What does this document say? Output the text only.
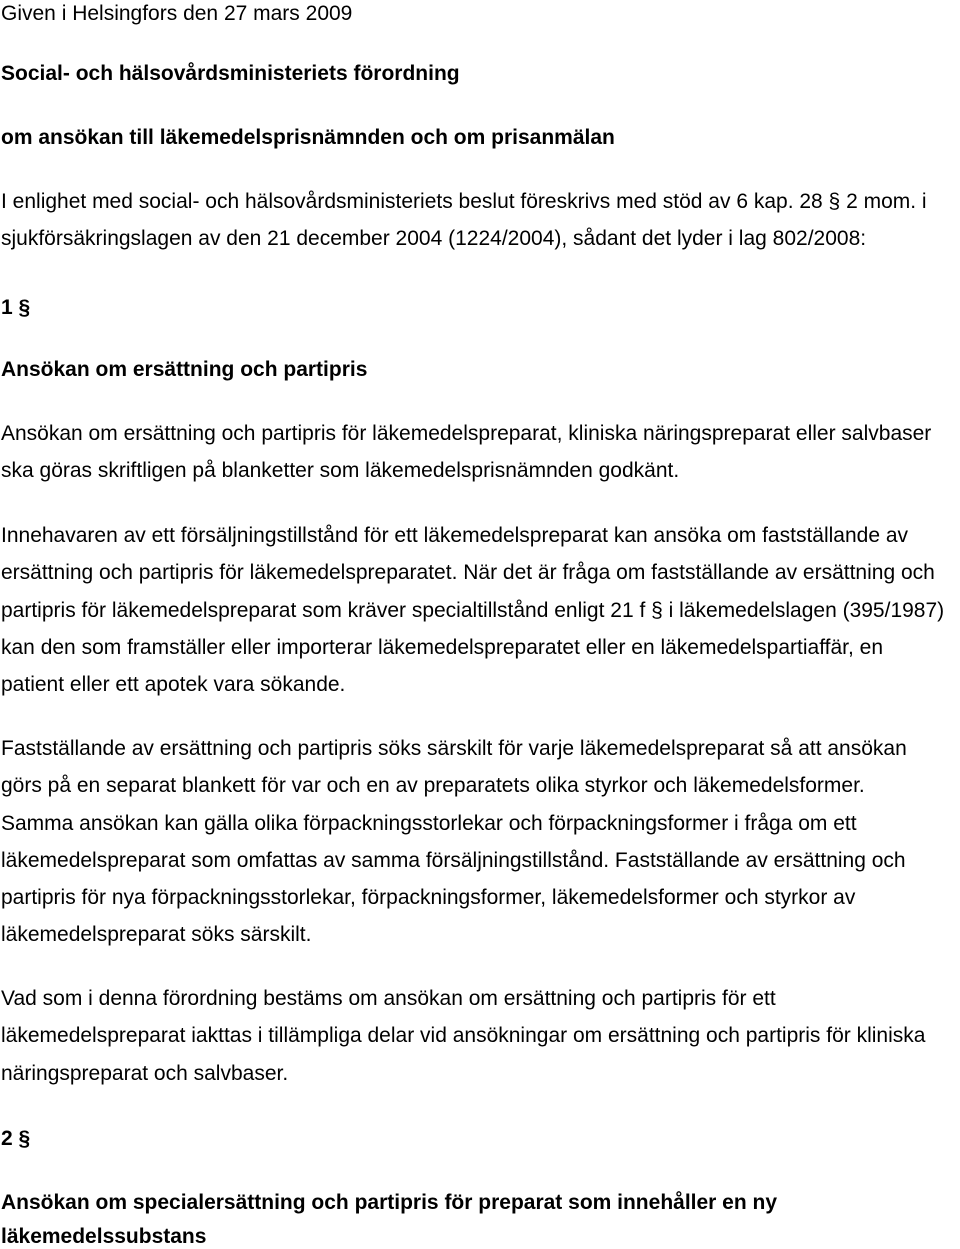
Given i Helsingfors den 27 mars 2009
Social- och hälsovårdsministeriets förordning
om ansökan till läkemedelsprisnämnden och om prisanmälan
I enlighet med social- och hälsovårdsministeriets beslut föreskrivs med stöd av 6 kap. 28 § 2 mom. i
sjukförsäkringslagen av den 21 december 2004 (1224/2004), sådant det lyder i lag 802/2008:
1 §
Ansökan om ersättning och partipris
Ansökan om ersättning och partipris för läkemedelspreparat, kliniska näringspreparat eller salvbaser
ska göras skriftligen på blanketter som läkemedelsprisnämnden godkänt.
Innehavaren av ett försäljningstillstånd för ett läkemedelspreparat kan ansöka om fastställande av
ersättning och partipris för läkemedelspreparatet. När det är fråga om fastställande av ersättning och
partipris för läkemedelspreparat som kräver specialtillstånd enligt 21 f § i läkemedelslagen (395/1987)
kan den som framställer eller importerar läkemedelspreparatet eller en läkemedelspartiaffär, en
patient eller ett apotek vara sökande.
Fastställande av ersättning och partipris söks särskilt för varje läkemedelspreparat så att ansökan
görs på en separat blankett för var och en av preparatets olika styrkor och läkemedelsformer.
Samma ansökan kan gälla olika förpackningsstorlekar och förpackningsformer i fråga om ett
läkemedelspreparat som omfattas av samma försäljningstillstånd. Fastställande av ersättning och
partipris för nya förpackningsstorlekar, förpackningsformer, läkemedelsformer och styrkor av
läkemedelspreparat söks särskilt.
Vad som i denna förordning bestäms om ansökan om ersättning och partipris för ett
läkemedelspreparat iakttas i tillämpliga delar vid ansökningar om ersättning och partipris för kliniska
näringspreparat och salvbaser.
2 §
Ansökan om specialersättning och partipris för preparat som innehåller en ny
läkemedelssubstans
